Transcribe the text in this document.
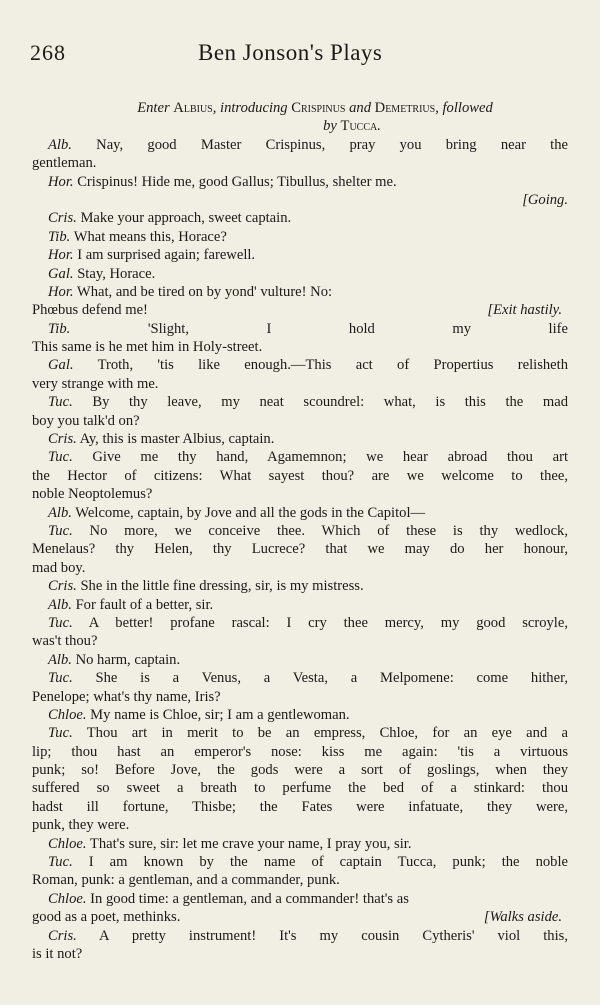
268	Ben Jonson's Plays
Enter Albius, introducing Crispinus and Demetrius, followed
by Tucca.
Alb. Nay, good Master Crispinus, pray you bring near the
gentleman.
Hor. Crispinus! Hide me, good Gallus; Tibullus, shelter me.
[Going.
Cris. Make your approach, sweet captain.
Tib. What means this, Horace?
Hor. I am surprised again; farewell.
Gal. Stay, Horace.
Hor. What, and be tired on by yond' vulture! No:
Phœbus defend me!	[Exit hastily.
Tib. 'Slight, I hold my life
This same is he met him in Holy-street.
Gal. Troth, 'tis like enough.—This act of Propertius relisheth
very strange with me.
Tuc. By thy leave, my neat scoundrel: what, is this the mad
boy you talk'd on?
Cris. Ay, this is master Albius, captain.
Tuc. Give me thy hand, Agamemnon; we hear abroad thou art
the Hector of citizens: What sayest thou? are we welcome to thee,
noble Neoptolemus?
Alb. Welcome, captain, by Jove and all the gods in the Capitol—
Tuc. No more, we conceive thee. Which of these is thy wedlock,
Menelaus? thy Helen, thy Lucrece? that we may do her honour,
mad boy.
Cris. She in the little fine dressing, sir, is my mistress.
Alb. For fault of a better, sir.
Tuc. A better! profane rascal: I cry thee mercy, my good scroyle,
was't thou?
Alb. No harm, captain.
Tuc. She is a Venus, a Vesta, a Melpomene: come hither,
Penelope; what's thy name, Iris?
Chloe. My name is Chloe, sir; I am a gentlewoman.
Tuc. Thou art in merit to be an empress, Chloe, for an eye and a
lip; thou hast an emperor's nose: kiss me again: 'tis a virtuous
punk; so! Before Jove, the gods were a sort of goslings, when they
suffered so sweet a breath to perfume the bed of a stinkard: thou
hadst ill fortune, Thisbe; the Fates were infatuate, they were,
punk, they were.
Chloe. That's sure, sir: let me crave your name, I pray you, sir.
Tuc. I am known by the name of captain Tucca, punk; the noble
Roman, punk: a gentleman, and a commander, punk.
Chloe. In good time: a gentleman, and a commander! that's as
good as a poet, methinks.	[Walks aside.
Cris. A pretty instrument! It's my cousin Cytheris' viol this,
is it not?
